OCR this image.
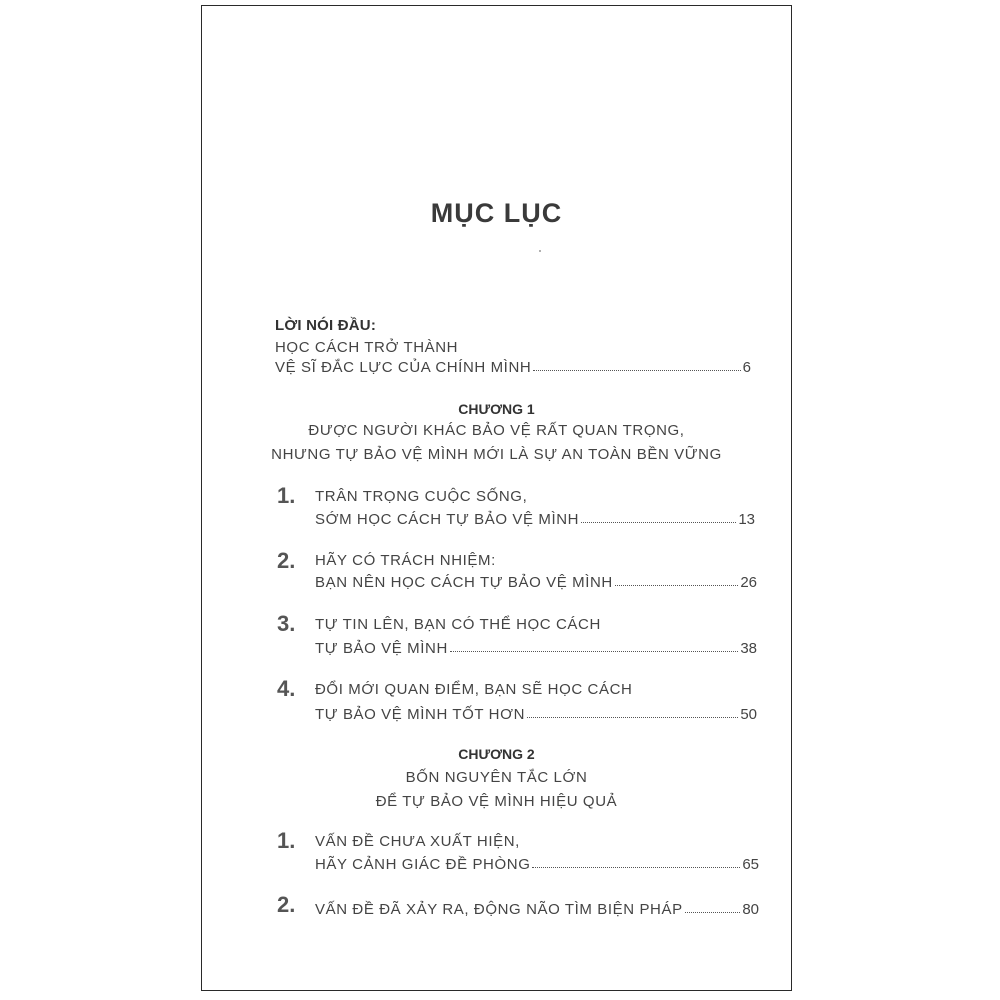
MỤC LỤC
LỜI NÓI ĐẦU:
HỌC CÁCH TRỞ THÀNH
VỆ SĨ ĐẮC LỰC CỦA CHÍNH MÌNH	6
CHƯƠNG 1
ĐƯỢC NGƯỜI KHÁC BẢO VỆ RẤT QUAN TRỌNG,
NHƯNG TỰ BẢO VỆ MÌNH MỚI LÀ SỰ AN TOÀN BỀN VỮNG
1. TRÂN TRỌNG CUỘC SỐNG,
SỚM HỌC CÁCH TỰ BẢO VỆ MÌNH	13
2. HÃY CÓ TRÁCH NHIỆM:
BẠN NÊN HỌC CÁCH TỰ BẢO VỆ MÌNH	26
3. TỰ TIN LÊN, BẠN CÓ THỂ HỌC CÁCH
TỰ BẢO VỆ MÌNH	38
4. ĐỔI MỚI QUAN ĐIỂM, BẠN SẼ HỌC CÁCH
TỰ BẢO VỆ MÌNH TỐT HƠN	50
CHƯƠNG 2
BỐN NGUYÊN TẮC LỚN
ĐỂ TỰ BẢO VỆ MÌNH HIỆU QUẢ
1. VẤN ĐỀ CHƯA XUẤT HIỆN,
HÃY CẢNH GIÁC ĐỀ PHÒNG	65
2. VẤN ĐỀ ĐÃ XẢY RA, ĐỘNG NÃO TÌM BIỆN PHÁP	80
